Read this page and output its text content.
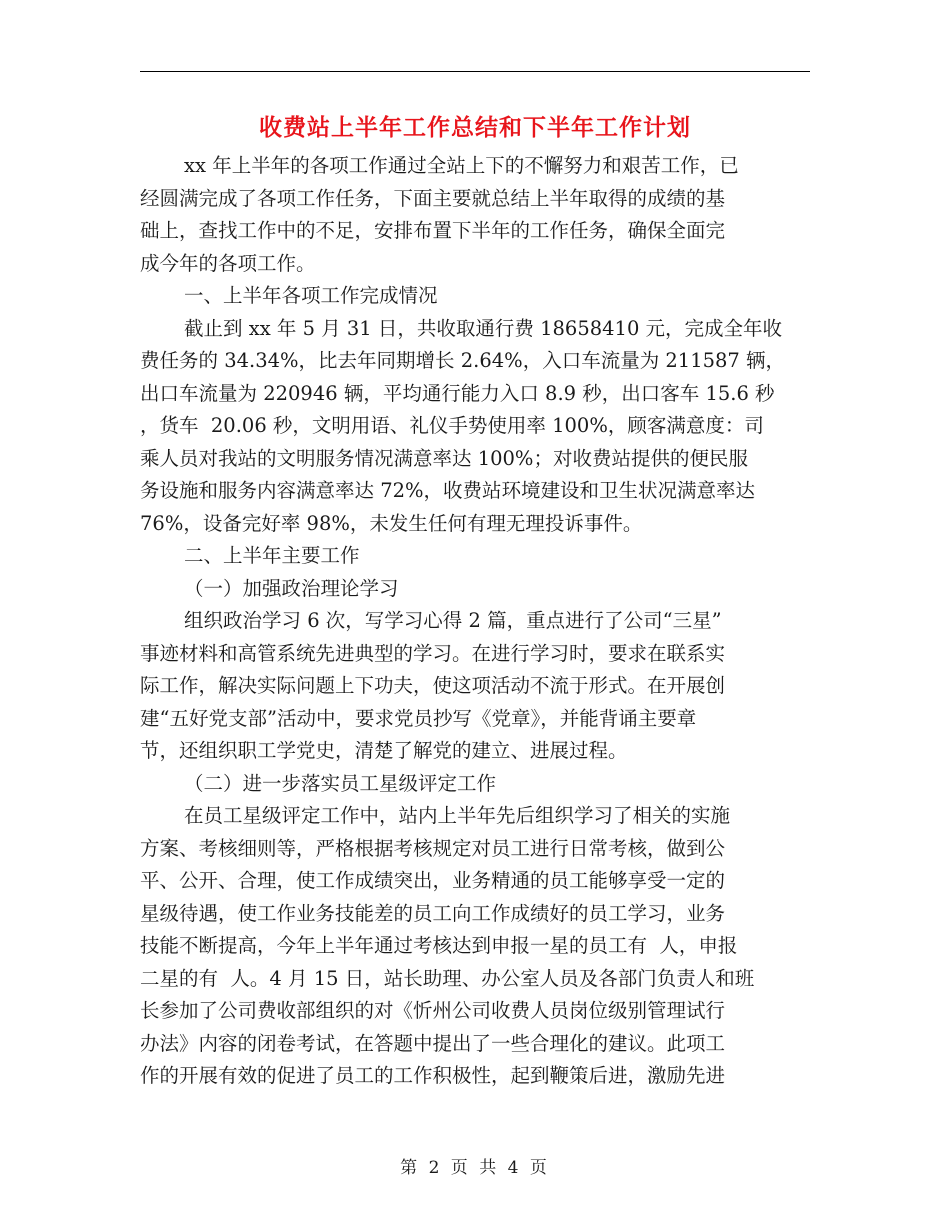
收费站上半年工作总结和下半年工作计划

xx 年上半年的各项工作通过全站上下的不懈努力和艰苦工作，已
经圆满完成了各项工作任务，下面主要就总结上半年取得的成绩的基
础上，查找工作中的不足，安排布置下半年的工作任务，确保全面完
成今年的各项工作。

一、上半年各项工作完成情况

截止到 xx 年 5 月 31 日，共收取通行费 18658410 元，完成全年收
费任务的 34.34%，比去年同期增长 2.64%，入口车流量为 211587 辆，
出口车流量为 220946 辆，平均通行能力入口 8.9 秒，出口客车 15.6 秒
，货车  20.06 秒，文明用语、礼仪手势使用率 100%，顾客满意度：司
乘人员对我站的文明服务情况满意率达 100%；对收费站提供的便民服
务设施和服务内容满意率达 72%，收费站环境建设和卫生状况满意率达
76%，设备完好率 98%，未发生任何有理无理投诉事件。

二、上半年主要工作

（一）加强政治理论学习

组织政治学习 6 次，写学习心得 2 篇，重点进行了公司“三星”
事迹材料和高管系统先进典型的学习。在进行学习时，要求在联系实
际工作，解决实际问题上下功夫，使这项活动不流于形式。在开展创
建“五好党支部”活动中，要求党员抄写《党章》，并能背诵主要章
节，还组织职工学党史，清楚了解党的建立、进展过程。

（二）进一步落实员工星级评定工作

在员工星级评定工作中，站内上半年先后组织学习了相关的实施
方案、考核细则等，严格根据考核规定对员工进行日常考核，做到公
平、公开、合理，使工作成绩突出，业务精通的员工能够享受一定的
星级待遇，使工作业务技能差的员工向工作成绩好的员工学习，业务
技能不断提高，今年上半年通过考核达到申报一星的员工有  人，申报
二星的有  人。4 月 15 日，站长助理、办公室人员及各部门负责人和班
长参加了公司费收部组织的对《忻州公司收费人员岗位级别管理试行
办法》内容的闭卷考试，在答题中提出了一些合理化的建议。此项工
作的开展有效的促进了员工的工作积极性，起到鞭策后进，激励先进

第 2 页 共 4 页
